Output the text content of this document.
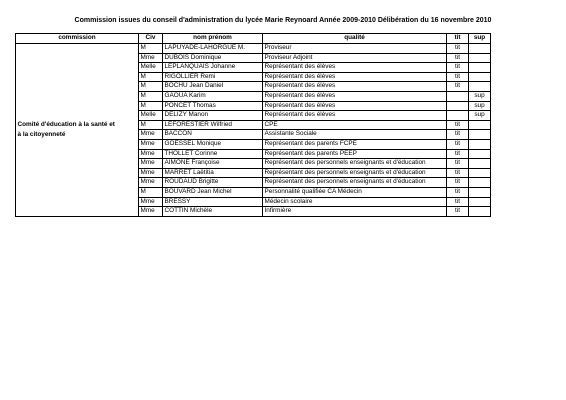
Commission issues du conseil d'administration du lycée Marie Reynoard Année 2009-2010 Délibération du 16 novembre 2010
commission	Civ	nom prénom	qualité	tit	sup

Comité d'éducation à la santé et
à la citoyenneté	M	LAPUYADE-LAHORGUE M.	Proviseur	tit	
	Mme	DUBOIS Dominique	Proviseur Adjoint	tit	
	Melle	LEPLANQUAIS Johanne	Représentant des élèves	tit	
	M	RIGOLLIER Remi	Représentant des élèves	tit	
	M	BOCHU Jean Daniel	Représentant des élèves	tit	
	M	GAOUA Karim	Représentant des élèves		sup
	M	PONCET Thomas	Représentant des élèves		sup
	Melle	DELIZY Manon	Représentant des élèves		sup
	M	LEFORESTIER Wilfried	CPE	tit	
	Mme	BACCON	Assistante Sociale	tit	
	Mme	GOESSEL Monique	Représentant des parents FCPE	tit	
	Mme	THOLLET Corinne	Représentant des parents PEEP	tit	
	Mme	AIMONE Françoise	Représentant des personnels enseignants et d'éducation	tit	
	Mme	MARRET Laëtitia	Représentant des personnels enseignants et d'éducation	tit	
	Mme	ROUDAUD Brigitte	Représentant des personnels enseignants et d'éducation	tit	
	M	BOUVARD Jean Michel	Personnalité qualifiée CA Médecin	tit	
	Mme	BRESSY	Médecin scolaire	tit	
	Mme	COTTIN Michèle	Infirmière	tit	
